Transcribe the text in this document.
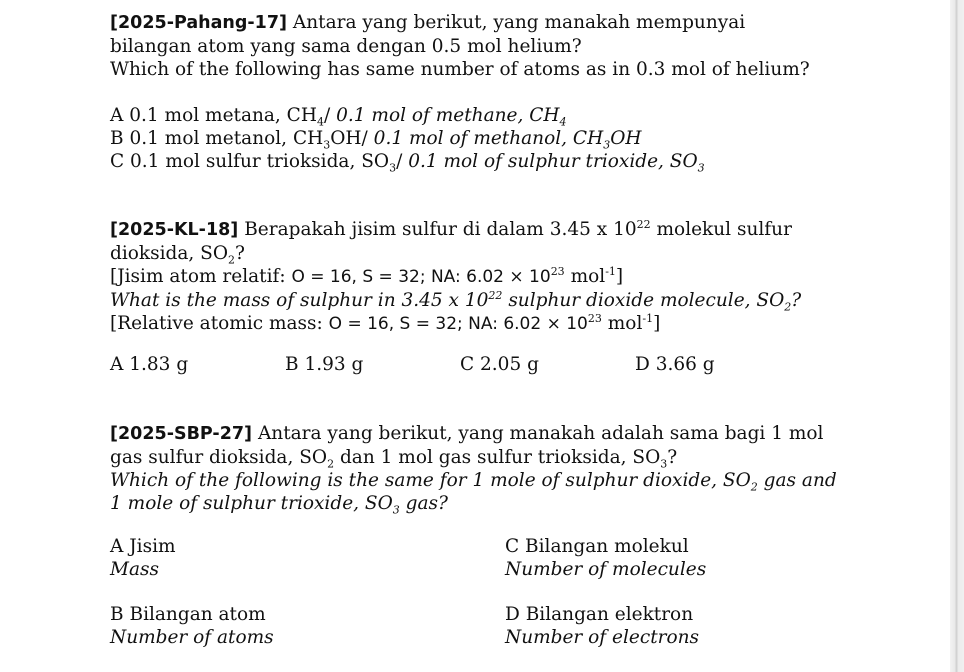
[2025-Pahang-17] Antara yang berikut, yang manakah mempunyai
bilangan atom yang sama dengan 0.5 mol helium?
Which of the following has same number of atoms as in 0.3 mol of helium?
A 0.1 mol metana, $CH_4/$ 0.1 mol of methane, $CH_4$
B 0.1 mol metanol, $CH_3OH/$ 0.1 mol of methanol, $CH_3OH$
C 0.1 mol sulfur trioksida, $SO_3/$ 0.1 mol of sulphur trioxide, $SO_3$
[2025-KL-18] Berapakah jisim sulfur di dalam 3.45 x $10^{22}$ molekul sulfur
dioksida, $SO_2$?
[Jisim atom relatif: O = 16, S = 32; NA: $6.02 \times 10^{23}$ mol$^{-1}$]
What is the mass of sulphur in 3.45 x $10^{22}$ sulphur dioxide molecule, $SO_2$?
[Relative atomic mass: O = 16, S = 32; NA: $6.02 \times 10^{23}$ mol$^{-1}$]
A 1.83 g	B 1.93 g	C 2.05 g	D 3.66 g
[2025-SBP-27] Antara yang berikut, yang manakah adalah sama bagi 1 mol
gas sulfur dioksida, $SO_2$ dan 1 mol gas sulfur trioksida, $SO_3$?
Which of the following is the same for 1 mole of sulphur dioxide, $SO_2$ gas and
1 mole of sulphur trioxide, $SO_3$ gas?
A Jisim
Mass
C Bilangan molekul
Number of molecules
B Bilangan atom
Number of atoms
D Bilangan elektron
Number of electrons
